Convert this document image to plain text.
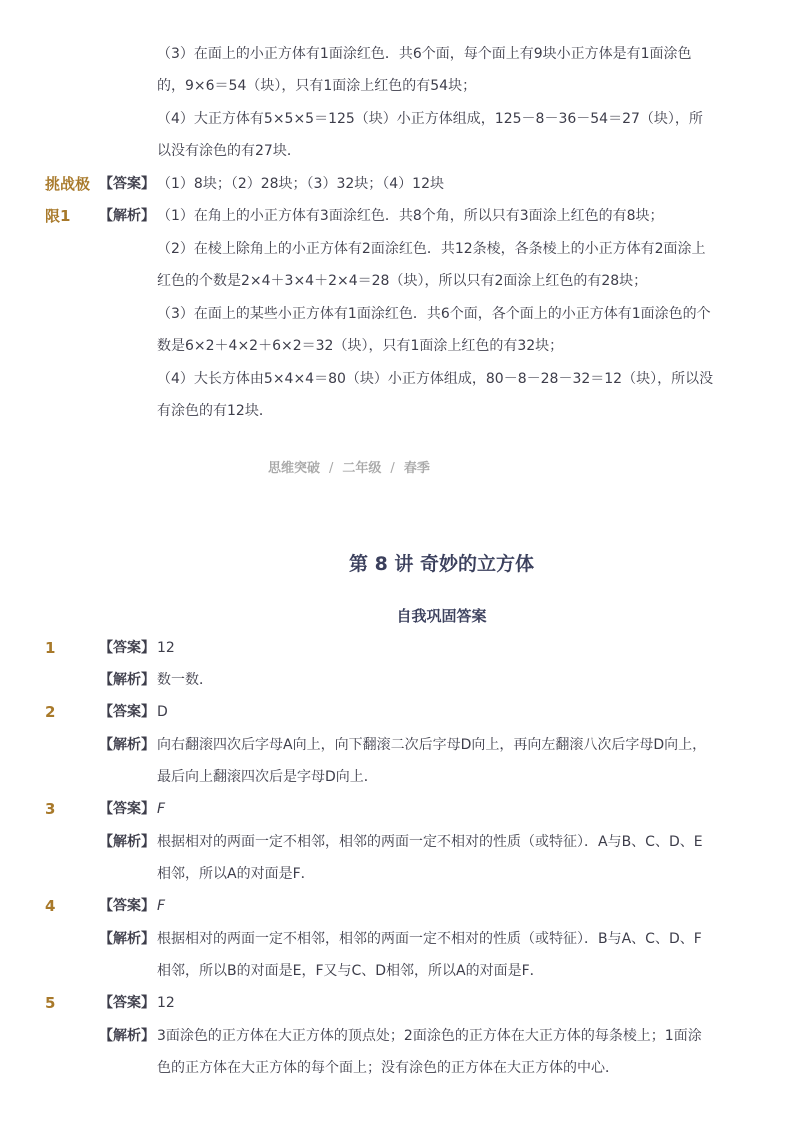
（3）在面上的小正方体有1面涂红色．共6个面，每个面上有9块小正方体是有1面涂色
的，9×6＝54（块），只有1面涂上红色的有54块；
（4）大正方体有5×5×5＝125（块）小正方体组成，125－8－36－54＝27（块），所
以没有涂色的有27块．
挑战极
限1
【答案】 （1）8块；（2）28块；（3）32块；（4）12块
【解析】 （1）在角上的小正方体有3面涂红色．共8个角，所以只有3面涂上红色的有8块；
（2）在棱上除角上的小正方体有2面涂红色．共12条棱，各条棱上的小正方体有2面涂上
红色的个数是2×4＋3×4＋2×4＝28（块），所以只有2面涂上红色的有28块；
（3）在面上的某些小正方体有1面涂红色．共6个面，各个面上的小正方体有1面涂色的个
数是6×2＋4×2＋6×2＝32（块），只有1面涂上红色的有32块；
（4）大长方体由5×4×4＝80（块）小正方体组成，80－8－28－32＝12（块），所以没
有涂色的有12块．
思维突破 / 二年级 / 春季
第 8 讲 奇妙的立方体
自我巩固答案
1	【答案】 12
【解析】 数一数．
2	【答案】 D
【解析】 向右翻滚四次后字母A向上，向下翻滚二次后字母D向上，再向左翻滚八次后字母D向上，
最后向上翻滚四次后是字母D向上．
3	【答案】 F
【解析】 根据相对的两面一定不相邻，相邻的两面一定不相对的性质（或特征）．A与B、C、D、E
相邻，所以A的对面是F．
4	【答案】 F
【解析】 根据相对的两面一定不相邻，相邻的两面一定不相对的性质（或特征）．B与A、C、D、F
相邻，所以B的对面是E，F又与C、D相邻，所以A的对面是F．
5	【答案】 12
【解析】 3面涂色的正方体在大正方体的顶点处；2面涂色的正方体在大正方体的每条棱上；1面涂
色的正方体在大正方体的每个面上；没有涂色的正方体在大正方体的中心．
